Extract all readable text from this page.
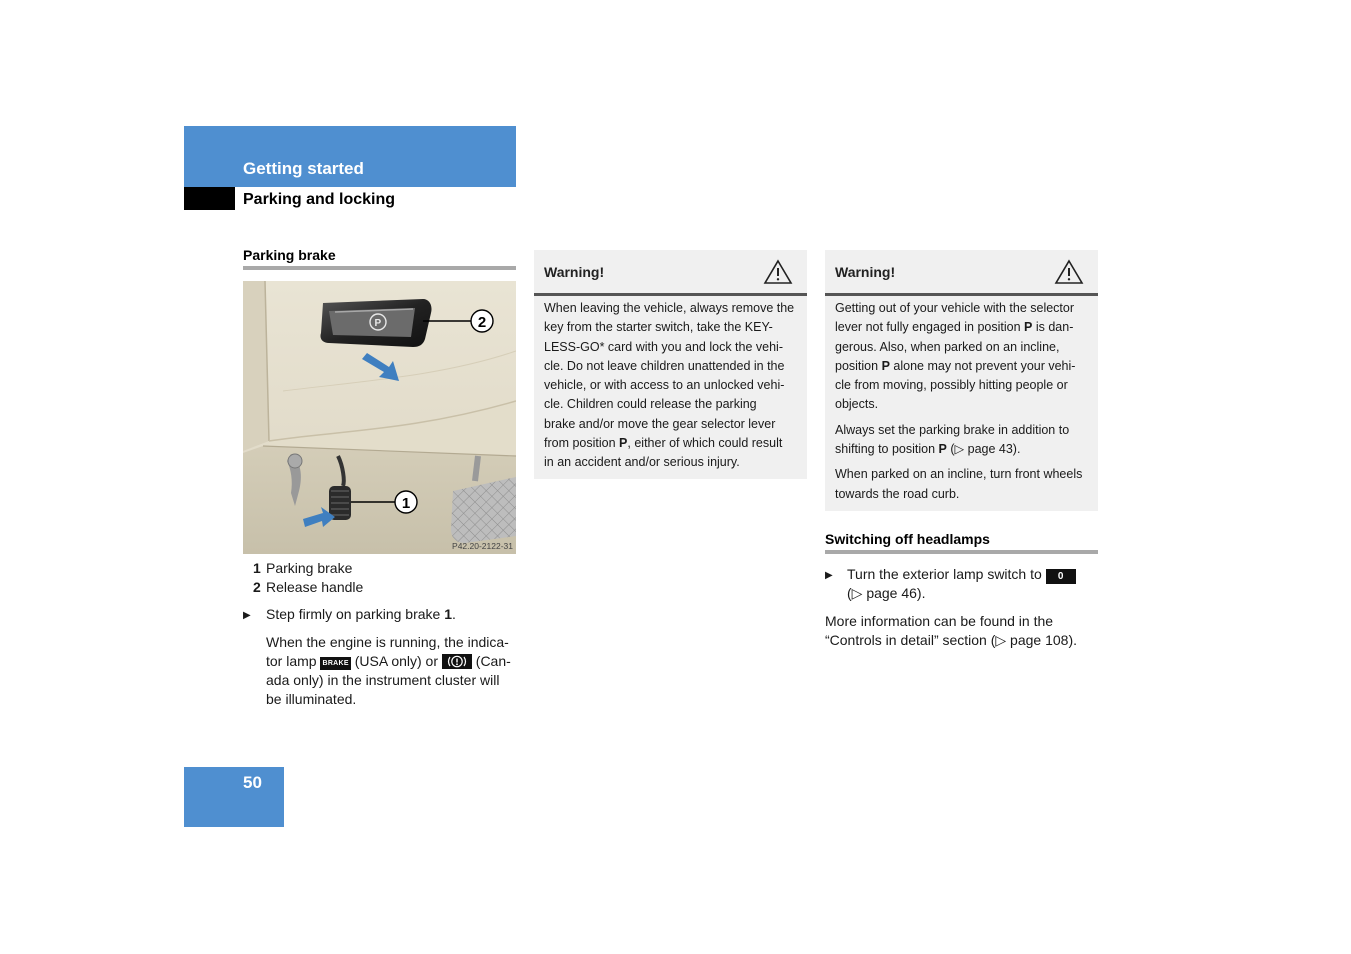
Getting started
Parking and locking
Parking brake
P	2
1
P42.20-2122-31
1 Parking brake
2 Release handle
▶ Step firmly on parking brake 1.
When the engine is running, the indica-
tor lamp BRAKE (USA only) or	(Can-
ada only) in the instrument cluster will
be illuminated.
Warning!
When leaving the vehicle, always remove the
key from the starter switch, take the KEY-
LESS-GO* card with you and lock the vehi-
cle. Do not leave children unattended in the
vehicle, or with access to an unlocked vehi-
cle. Children could release the parking
brake and/or move the gear selector lever
from position P, either of which could result
in an accident and/or serious injury.
Warning!
Getting out of your vehicle with the selector
lever not fully engaged in position P is dan-
gerous. Also, when parked on an incline,
position P alone may not prevent your vehi-
cle from moving, possibly hitting people or
objects.
Always set the parking brake in addition to
shifting to position P (▷ page 43).
When parked on an incline, turn front wheels
towards the road curb.
Switching off headlamps
▶ Turn the exterior lamp switch to 0
(▷ page 46).
More information can be found in the
“Controls in detail” section (▷ page 108).
50
